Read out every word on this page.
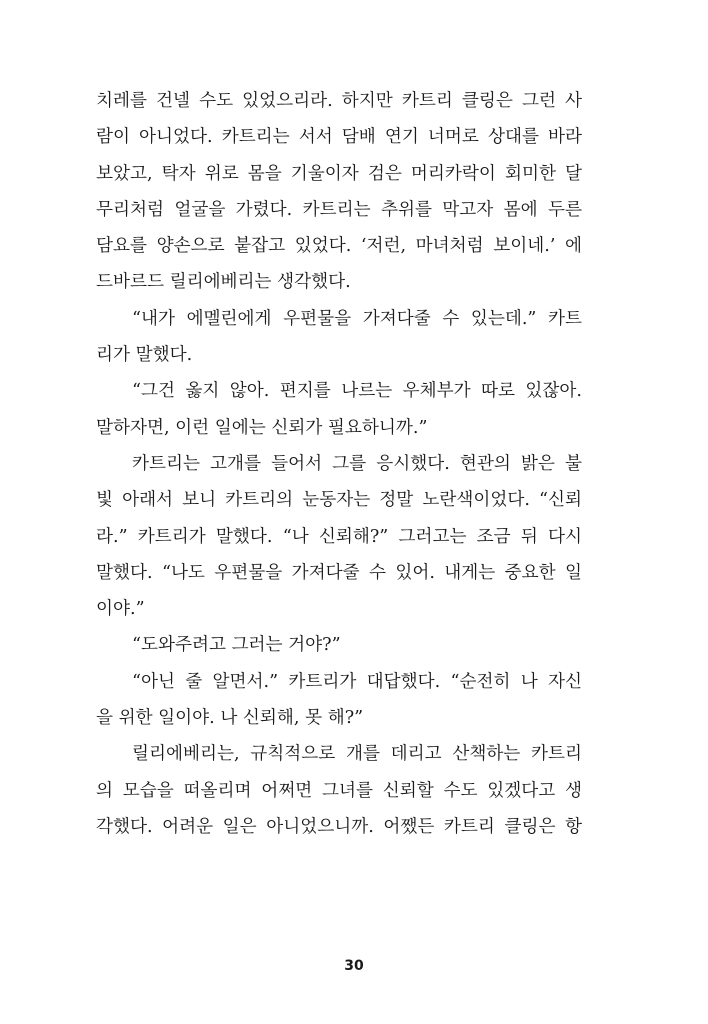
치레를 건넬 수도 있었으리라. 하지만 카트리 클링은 그런 사
람이 아니었다. 카트리는 서서 담배 연기 너머로 상대를 바라
보았고, 탁자 위로 몸을 기울이자 검은 머리카락이 회미한 달
무리처럼 얼굴을 가렸다. 카트리는 추위를 막고자 몸에 두른
담요를 양손으로 붙잡고 있었다. ‘저런, 마녀처럼 보이네.’ 에
드바르드 릴리에베리는 생각했다.
“내가 에멜린에게 우편물을 가져다줄 수 있는데.” 카트
리가 말했다.
“그건 옳지 않아. 편지를 나르는 우체부가 따로 있잖아.
말하자면, 이런 일에는 신뢰가 필요하니까.”
카트리는 고개를 들어서 그를 응시했다. 현관의 밝은 불
빛 아래서 보니 카트리의 눈동자는 정말 노란색이었다. “신뢰
라.” 카트리가 말했다. “나 신뢰해?” 그러고는 조금 뒤 다시
말했다. “나도 우편물을 가져다줄 수 있어. 내게는 중요한 일
이야.”
“도와주려고 그러는 거야?”
“아닌 줄 알면서.” 카트리가 대답했다. “순전히 나 자신
을 위한 일이야. 나 신뢰해, 못 해?”
릴리에베리는, 규칙적으로 개를 데리고 산책하는 카트리
의 모습을 떠올리며 어쩌면 그녀를 신뢰할 수도 있겠다고 생
각했다. 어려운 일은 아니었으니까. 어쨌든 카트리 클링은 항
30
